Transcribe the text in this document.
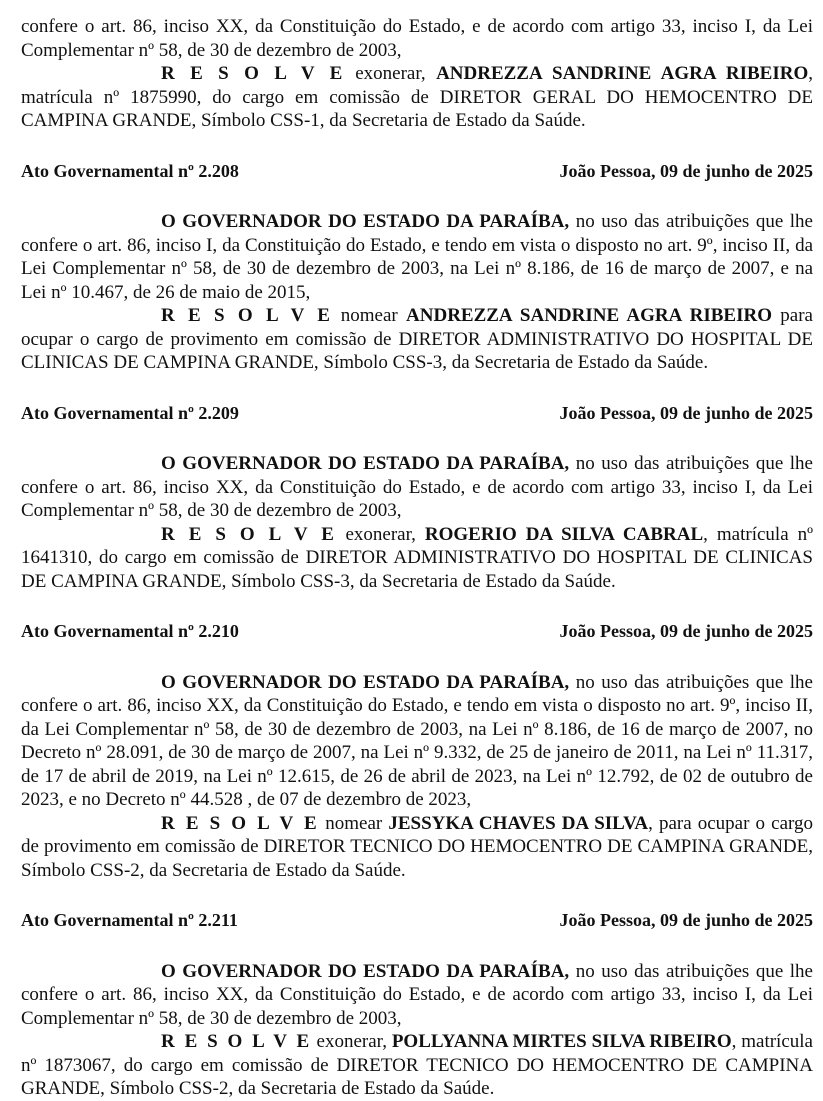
confere o art. 86, inciso XX, da Constituição do Estado, e de acordo com artigo 33, inciso I, da Lei Complementar nº 58, de 30 de dezembro de 2003,

R E S O L V E exonerar, ANDREZZA SANDRINE AGRA RIBEIRO, matrícula nº 1875990, do cargo em comissão de DIRETOR GERAL DO HEMOCENTRO DE CAMPINA GRANDE, Símbolo CSS-1, da Secretaria de Estado da Saúde.

Ato Governamental nº 2.208	João Pessoa, 09 de junho de 2025

O GOVERNADOR DO ESTADO DA PARAÍBA, no uso das atribuições que lhe confere o art. 86, inciso I, da Constituição do Estado, e tendo em vista o disposto no art. 9º, inciso II, da Lei Complementar nº 58, de 30 de dezembro de 2003, na Lei nº 8.186, de 16 de março de 2007, e na Lei nº 10.467, de 26 de maio de 2015,

R E S O L V E nomear ANDREZZA SANDRINE AGRA RIBEIRO para ocupar o cargo de provimento em comissão de DIRETOR ADMINISTRATIVO DO HOSPITAL DE CLINICAS DE CAMPINA GRANDE, Símbolo CSS-3, da Secretaria de Estado da Saúde.

Ato Governamental nº 2.209	João Pessoa, 09 de junho de 2025

O GOVERNADOR DO ESTADO DA PARAÍBA, no uso das atribuições que lhe confere o art. 86, inciso XX, da Constituição do Estado, e de acordo com artigo 33, inciso I, da Lei Complementar nº 58, de 30 de dezembro de 2003,

R E S O L V E exonerar, ROGERIO DA SILVA CABRAL, matrícula nº 1641310, do cargo em comissão de DIRETOR ADMINISTRATIVO DO HOSPITAL DE CLINICAS DE CAMPINA GRANDE, Símbolo CSS-3, da Secretaria de Estado da Saúde.

Ato Governamental nº 2.210	João Pessoa, 09 de junho de 2025

O GOVERNADOR DO ESTADO DA PARAÍBA, no uso das atribuições que lhe confere o art. 86, inciso XX, da Constituição do Estado, e tendo em vista o disposto no art. 9º, inciso II, da Lei Complementar nº 58, de 30 de dezembro de 2003, na Lei nº 8.186, de 16 de março de 2007, no Decreto nº 28.091, de 30 de março de 2007, na Lei nº 9.332, de 25 de janeiro de 2011, na Lei nº 11.317, de 17 de abril de 2019, na Lei nº 12.615, de 26 de abril de 2023, na Lei nº 12.792, de 02 de outubro de 2023, e no Decreto nº 44.528 , de 07 de dezembro de 2023,

R E S O L V E nomear JESSYKA CHAVES DA SILVA, para ocupar o cargo de provimento em comissão de DIRETOR TECNICO DO HEMOCENTRO DE CAMPINA GRANDE, Símbolo CSS-2, da Secretaria de Estado da Saúde.

Ato Governamental nº 2.211	João Pessoa, 09 de junho de 2025

O GOVERNADOR DO ESTADO DA PARAÍBA, no uso das atribuições que lhe confere o art. 86, inciso XX, da Constituição do Estado, e de acordo com artigo 33, inciso I, da Lei Complementar nº 58, de 30 de dezembro de 2003,

R E S O L V E exonerar, POLLYANNA MIRTES SILVA RIBEIRO, matrícula nº 1873067, do cargo em comissão de DIRETOR TECNICO DO HEMOCENTRO DE CAMPINA GRANDE, Símbolo CSS-2, da Secretaria de Estado da Saúde.
